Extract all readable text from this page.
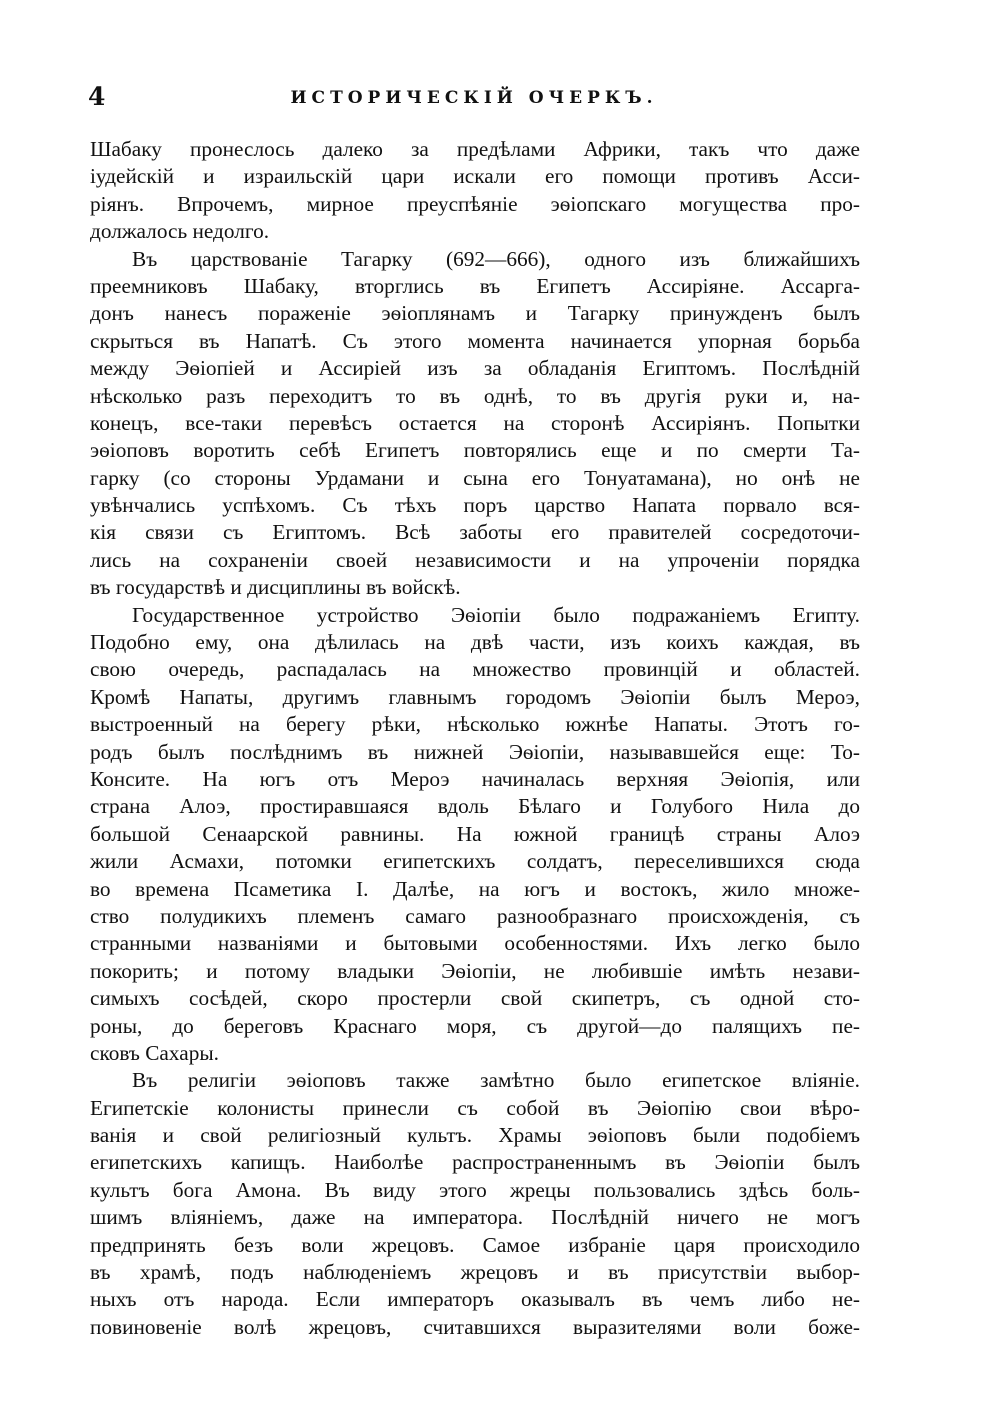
4	ИСТОРИЧЕСКІЙ ОЧЕРКЪ.
Шабаку пронеслось далеко за предѣлами Африки, такъ что даже
іудейскій и израильскій цари искали его помощи противъ Асси-
ріянъ. Впрочемъ, мирное преуспѣяніе эѳіопскаго могущества про-
должалось недолго.
Въ царствованіе Тагарку (692—666), одного изъ ближайшихъ
преемниковъ Шабаку, вторглись въ Египетъ Ассиріяне. Ассарга-
донъ нанесъ пораженіе эѳіоплянамъ и Тагарку принужденъ былъ
скрыться въ Напатѣ. Съ этого момента начинается упорная борьба
между Эѳіопіей и Ассиріей изъ за обладанія Египтомъ. Послѣдній
нѣсколько разъ переходитъ то въ однѣ, то въ другія руки и, на-
конецъ, все-таки перевѣсъ остается на сторонѣ Ассиріянъ. Попытки
эѳіоповъ воротить себѣ Египетъ повторялись еще и по смерти Та-
гарку (со стороны Урдамани и сына его Тонуатамана), но онѣ не
увѣнчались успѣхомъ. Съ тѣхъ поръ царство Напата порвало вся-
кія связи съ Египтомъ. Всѣ заботы его правителей сосредоточи-
лись на сохраненіи своей независимости и на упроченіи порядка
въ государствѣ и дисциплины въ войскѣ.
Государственное устройство Эѳіопіи было подражаніемъ Египту.
Подобно ему, она дѣлилась на двѣ части, изъ коихъ каждая, въ
свою очередь, распадалась на множество провинцій и областей.
Кромѣ Напаты, другимъ главнымъ городомъ Эѳіопіи былъ Мероэ,
выстроенный на берегу рѣки, нѣсколько южнѣе Напаты. Этотъ го-
родъ былъ послѣднимъ въ нижней Эѳіопіи, называвшейся еще: То-
Конситe. На югъ отъ Мероэ начиналась верхняя Эѳіопія, или
страна Алоэ, простиравшаяся вдоль Бѣлаго и Голубого Нила до
большой Сенаарской равнины. На южной границѣ страны Алоэ
жили Асмахи, потомки египетскихъ солдатъ, переселившихся сюда
во времена Псаметика I. Далѣе, на югъ и востокъ, жило множе-
ство полудикихъ племенъ самаго разнообразнаго происхожденія, съ
странными названіями и бытовыми особенностями. Ихъ легко было
покорить; и потому владыки Эѳіопіи, не любившіе имѣть незави-
симыхъ сосѣдей, скоро простерли свой скипетръ, съ одной сто-
роны, до береговъ Краснаго моря, съ другой—до палящихъ пе-
сковъ Сахары.
Въ религіи эѳіоповъ также замѣтно было египетское вліяніе.
Египетскіе колонисты принесли съ собой въ Эѳіопію свои вѣро-
ванія и свой религіозный культъ. Храмы эѳіоповъ были подобіемъ
египетскихъ капищъ. Наиболѣе распространеннымъ въ Эѳіопіи былъ
культъ бога Амона. Въ виду этого жрецы пользовались здѣсь боль-
шимъ вліяніемъ, даже на императора. Послѣдній ничего не могъ
предпринять безъ воли жрецовъ. Самое избраніе царя происходило
въ храмѣ, подъ наблюденіемъ жрецовъ и въ присутствіи выбор-
ныхъ отъ народа. Если императоръ оказывалъ въ чемъ либо не-
повиновеніе волѣ жрецовъ, считавшихся выразителями воли боже-
